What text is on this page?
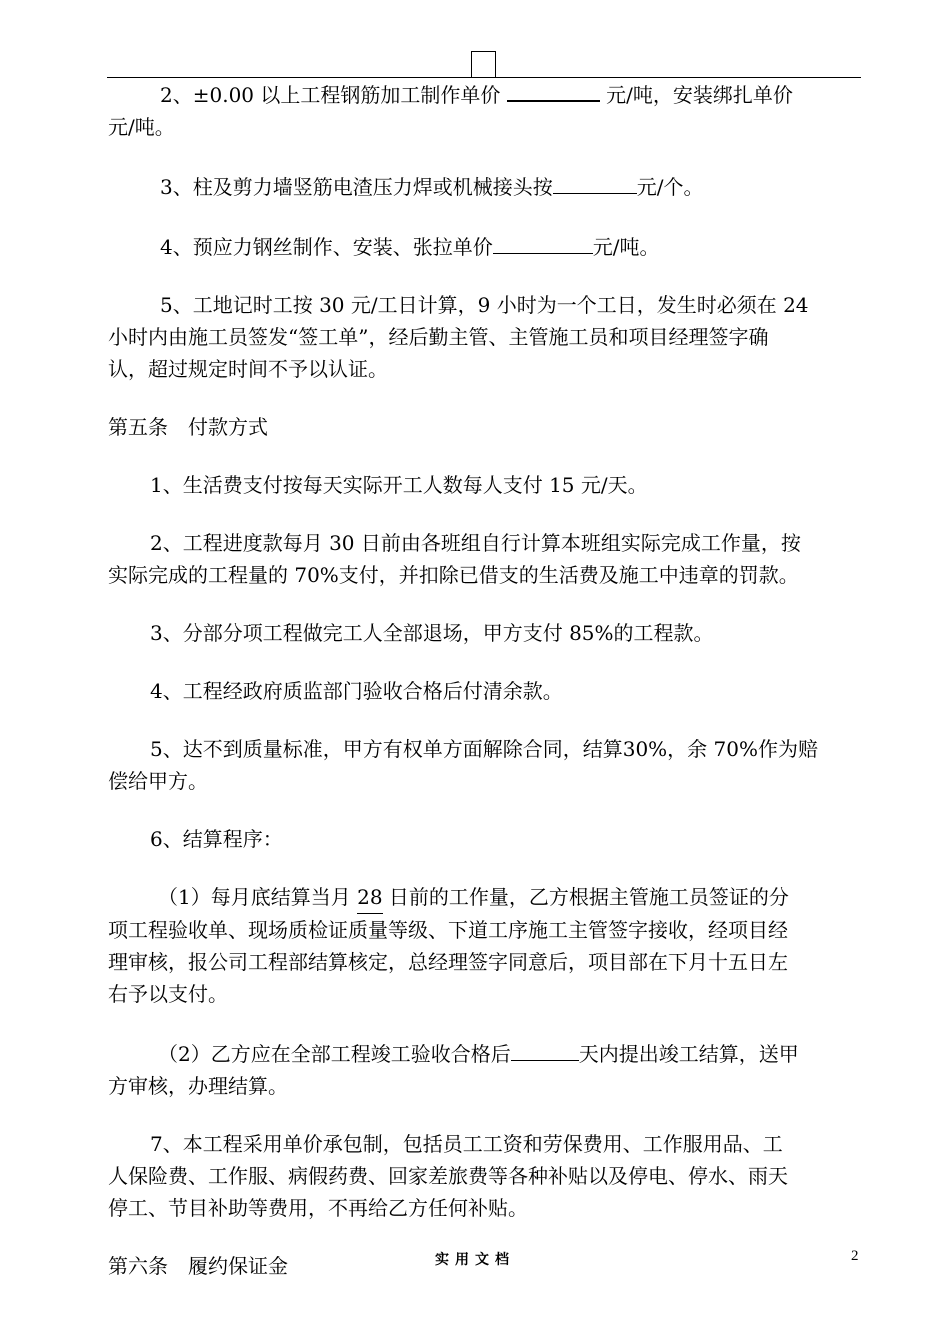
2、±0.00 以上工程钢筋加工制作单价	元/吨，安装绑扎单价

元/吨。

3、柱及剪力墙竖筋电渣压力焊或机械接头按	元/个。

4、预应力钢丝制作、安装、张拉单价	元/吨。

5、工地记时工按 30 元/工日计算，9 小时为一个工日，发生时必须在 24

小时内由施工员签发“签工单”，经后勤主管、主管施工员和项目经理签字确

认，超过规定时间不予以认证。

第五条　付款方式

1、生活费支付按每天实际开工人数每人支付 15 元/天。

2、工程进度款每月 30 日前由各班组自行计算本班组实际完成工作量，按

实际完成的工程量的 70%支付，并扣除已借支的生活费及施工中违章的罚款。

3、分部分项工程做完工人全部退场，甲方支付 85%的工程款。

4、工程经政府质监部门验收合格后付清余款。

5、达不到质量标准，甲方有权单方面解除合同，结算30%，余 70%作为赔

偿给甲方。

6、结算程序：

（1）每月底结算当月 28 日前的工作量，乙方根据主管施工员签证的分

项工程验收单、现场质检证质量等级、下道工序施工主管签字接收，经项目经

理审核，报公司工程部结算核定，总经理签字同意后，项目部在下月十五日左

右予以支付。

（2）乙方应在全部工程竣工验收合格后	天内提出竣工结算，送甲

方审核，办理结算。

7、本工程采用单价承包制，包括员工工资和劳保费用、工作服用品、工

人保险费、工作服、病假药费、回家差旅费等各种补贴以及停电、停水、雨天

停工、节目补助等费用，不再给乙方任何补贴。

第六条　履约保证金	实用文档	2
